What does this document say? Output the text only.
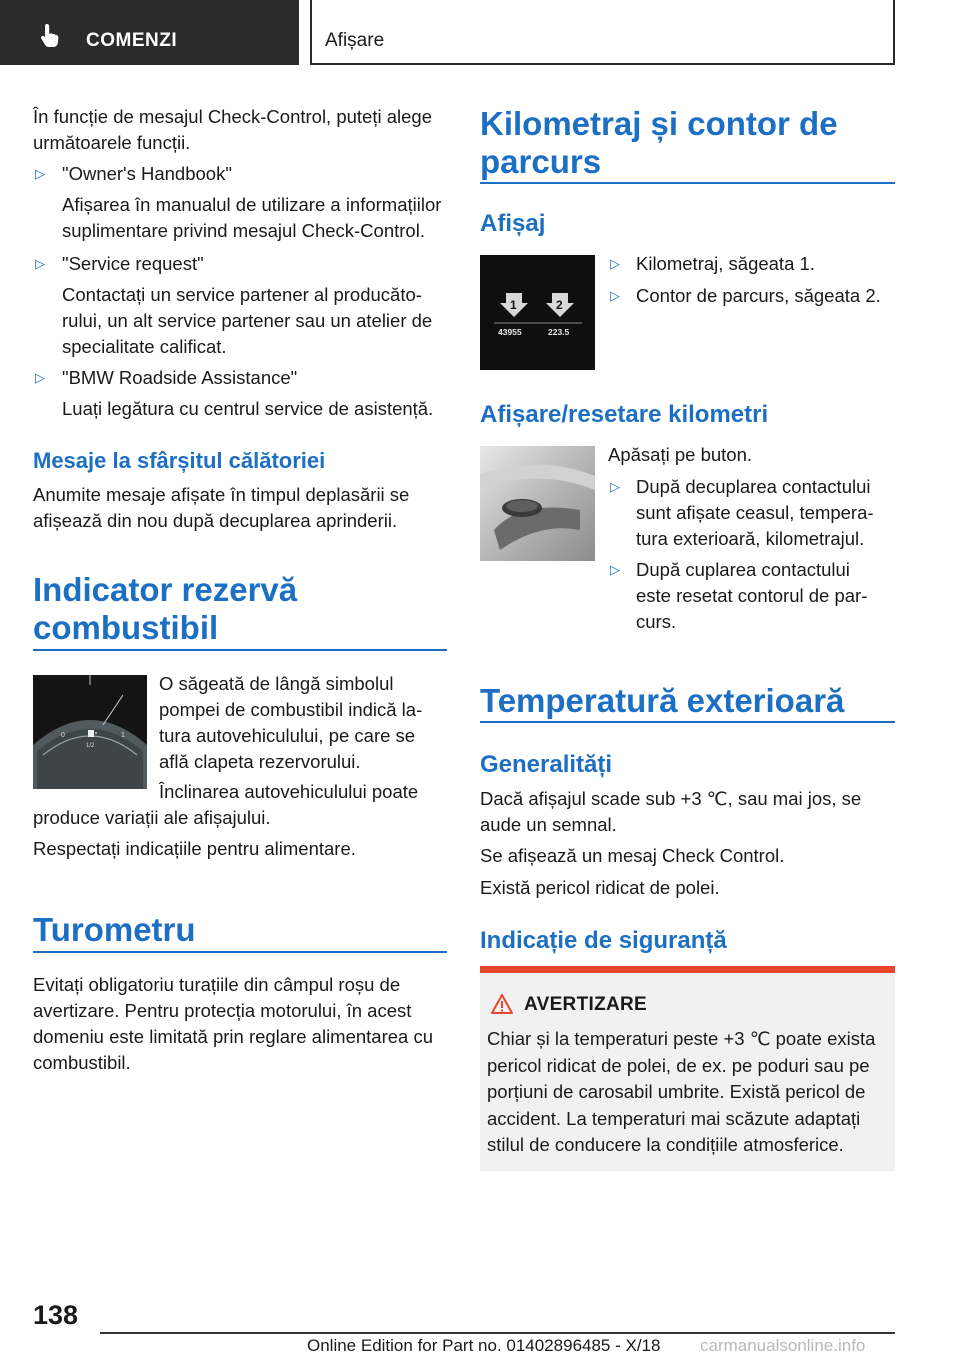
COMENZI	Afișare
În funcție de mesajul Check-Control, puteți alege
următoarele funcții.
▷ "Owner's Handbook"
Afișarea în manualul de utilizare a informațiilor
suplimentare privind mesajul Check-Control.
▷ "Service request"
Contactați un service partener al producăto-
rului, un alt service partener sau un atelier de
specialitate calificat.
▷ "BMW Roadside Assistance"
Luați legătura cu centrul service de asistență.
Mesaje la sfârșitul călătoriei
Anumite mesaje afișate în timpul deplasării se
afișează din nou după decuplarea aprinderii.
Indicator rezervă
combustibil
0	1
1/2
O săgeată de lângă simbolul
pompei de combustibil indică la-
tura autovehiculului, pe care se
află clapeta rezervorului.
Înclinarea autovehiculului poate
produce variații ale afișajului.
Respectați indicațiile pentru alimentare.
Turometru
Evitați obligatoriu turațiile din câmpul roșu de
avertizare. Pentru protecția motorului, în acest
domeniu este limitată prin reglare alimentarea cu
combustibil.
Kilometraj și contor de
parcurs
Afișaj
1	2
43955	223.5
▷ Kilometraj, săgeata 1.
▷ Contor de parcurs, săgeata 2.
Afișare/resetare kilometri
Apăsați pe buton.
▷ După decuplarea contactului
sunt afișate ceasul, tempera-
tura exterioară, kilometrajul.
▷ După cuplarea contactului
este resetat contorul de par-
curs.
Temperatură exterioară
Generalități
Dacă afișajul scade sub +3 ℃, sau mai jos, se
aude un semnal.
Se afișează un mesaj Check Control.
Există pericol ridicat de polei.
Indicație de siguranță
AVERTIZARE
Chiar și la temperaturi peste +3 ℃ poate exista
pericol ridicat de polei, de ex. pe poduri sau pe
porțiuni de carosabil umbrite. Există pericol de
accident. La temperaturi mai scăzute adaptați
stilul de conducere la condițiile atmosferice.
138
Online Edition for Part no. 01402896485 - X/18 carmanualsonline.info
